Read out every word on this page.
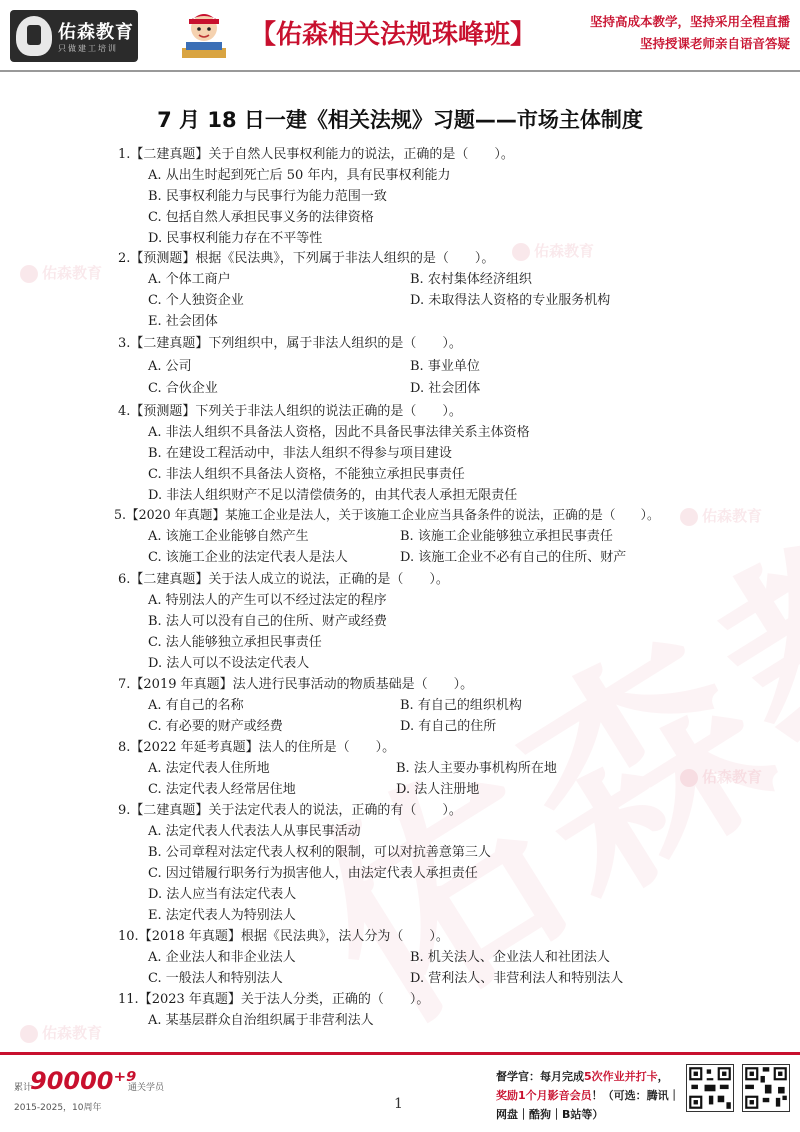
佑森教育
只做建工培训	【佑森相关法规珠峰班】	坚持高成本教学，坚持采用全程直播
坚持授课老师亲自语音答疑
佑森教育
佑森教育
佑森教育
佑森教育
佑森教育
7 月 18 日一建《相关法规》习题——市场主体制度
1.【二建真题】关于自然人民事权利能力的说法，正确的是（　　）。
A. 从出生时起到死亡后 50 年内，具有民事权利能力
B. 民事权利能力与民事行为能力范围一致
C. 包括自然人承担民事义务的法律资格
D. 民事权利能力存在不平等性
2.【预测题】根据《民法典》，下列属于非法人组织的是（　　）。
A. 个体工商户	B. 农村集体经济组织
C. 个人独资企业	D. 未取得法人资格的专业服务机构
E. 社会团体
3.【二建真题】下列组织中，属于非法人组织的是（　　）。
A. 公司	B. 事业单位
C. 合伙企业	D. 社会团体
4.【预测题】下列关于非法人组织的说法正确的是（　　）。
A. 非法人组织不具备法人资格，因此不具备民事法律关系主体资格
B. 在建设工程活动中，非法人组织不得参与项目建设
C. 非法人组织不具备法人资格，不能独立承担民事责任
D. 非法人组织财产不足以清偿债务的，由其代表人承担无限责任
5.【2020 年真题】某施工企业是法人，关于该施工企业应当具备条件的说法，正确的是（　　）。
A. 该施工企业能够自然产生	B. 该施工企业能够独立承担民事责任
C. 该施工企业的法定代表人是法人	D. 该施工企业不必有自己的住所、财产
6.【二建真题】关于法人成立的说法，正确的是（　　）。
A. 特别法人的产生可以不经过法定的程序
B. 法人可以没有自己的住所、财产或经费
C. 法人能够独立承担民事责任
D. 法人可以不设法定代表人
7.【2019 年真题】法人进行民事活动的物质基础是（　　）。
A. 有自己的名称	B. 有自己的组织机构
C. 有必要的财产或经费	D. 有自己的住所
8.【2022 年延考真题】法人的住所是（　　）。
A. 法定代表人住所地	B. 法人主要办事机构所在地
C. 法定代表人经常居住地	D. 法人注册地
9.【二建真题】关于法定代表人的说法，正确的有（　　）。
A. 法定代表人代表法人从事民事活动
B. 公司章程对法定代表人权利的限制，可以对抗善意第三人
C. 因过错履行职务行为损害他人，由法定代表人承担责任
D. 法人应当有法定代表人
E. 法定代表人为特别法人
10.【2018 年真题】根据《民法典》，法人分为（　　）。
A. 企业法人和非企业法人	B. 机关法人、企业法人和社团法人
C. 一般法人和特别法人	D. 营利法人、非营利法人和特别法人
11.【2023 年真题】关于法人分类，正确的（　　）。
A. 某基层群众自治组织属于非营利法人
累计
90000⁺⁹
通关学员
2015-2025，10周年	1
督学官：每月完成5次作业并打卡，
奖励1个月影音会员！（可选：腾讯｜
网盘｜酷狗｜B站等）
